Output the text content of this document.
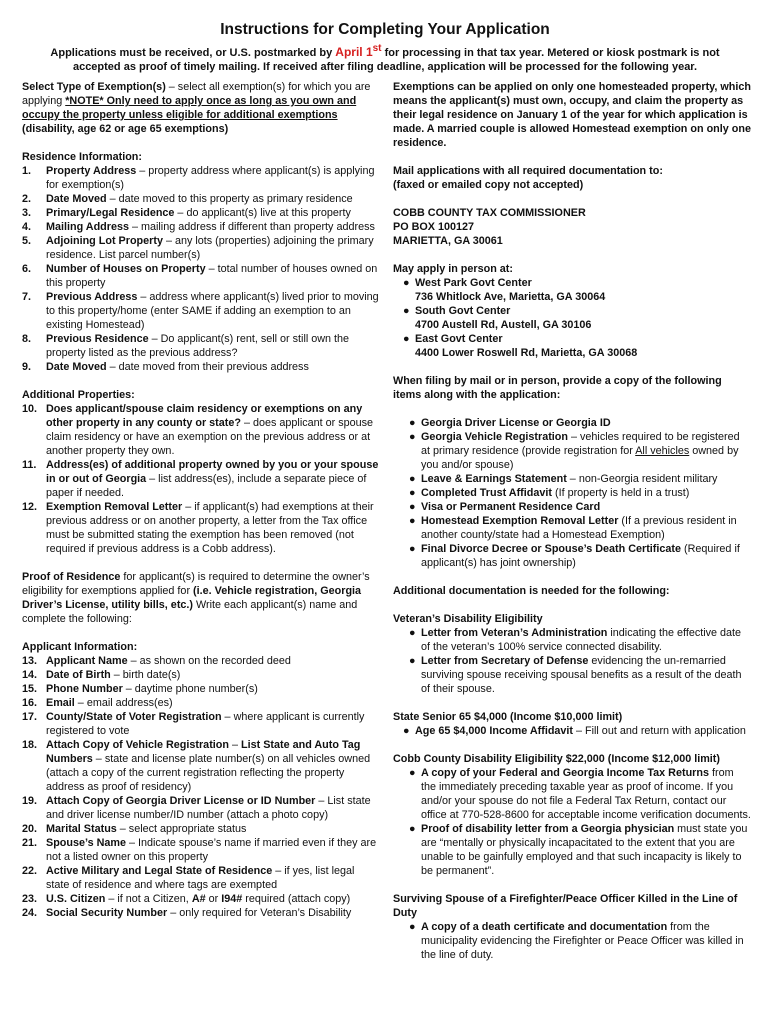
Instructions for Completing Your Application

Applications must be received, or U.S. postmarked by April 1st for processing in that tax year. Metered or kiosk postmark is not accepted as proof of timely mailing. If received after filing deadline, application will be processed for the following year.

Select Type of Exemption(s) – select all exemption(s) for which you are applying *NOTE* Only need to apply once as long as you own and occupy the property unless eligible for additional exemptions (disability, age 62 or age 65 exemptions)

Residence Information:

1. Property Address – property address where applicant(s) is applying for exemption(s)
2. Date Moved – date moved to this property as primary residence
3. Primary/Legal Residence – do applicant(s) live at this property
4. Mailing Address – mailing address if different than property address
5. Adjoining Lot Property – any lots (properties) adjoining the primary residence. List parcel number(s)
6. Number of Houses on Property – total number of houses owned on this property
7. Previous Address – address where applicant(s) lived prior to moving to this property/home (enter SAME if adding an exemption to an existing Homestead)
8. Previous Residence – Do applicant(s) rent, sell or still own the property listed as the previous address?
9. Date Moved – date moved from their previous address

Additional Properties:

10. Does applicant/spouse claim residency or exemptions on any other property in any county or state? – does applicant or spouse claim residency or have an exemption on the previous address or at another property they own.
11. Address(es) of additional property owned by you or your spouse in or out of Georgia – list address(es), include a separate piece of paper if needed.
12. Exemption Removal Letter – if applicant(s) had exemptions at their previous address or on another property, a letter from the Tax office must be submitted stating the exemption has been removed (not required if previous address is a Cobb address).

Proof of Residence for applicant(s) is required to determine the owner’s eligibility for exemptions applied for (i.e. Vehicle registration, Georgia Driver’s License, utility bills, etc.) Write each applicant(s) name and complete the following:

Applicant Information:

13. Applicant Name – as shown on the recorded deed
14. Date of Birth – birth date(s)
15. Phone Number – daytime phone number(s)
16. Email – email address(es)
17. County/State of Voter Registration – where applicant is currently registered to vote
18. Attach Copy of Vehicle Registration – List State and Auto Tag Numbers – state and license plate number(s) on all vehicles owned (attach a copy of the current registration reflecting the property address as proof of residency)
19. Attach Copy of Georgia Driver License or ID Number – List state and driver license number/ID number (attach a photo copy)
20. Marital Status – select appropriate status
21. Spouse’s Name – Indicate spouse’s name if married even if they are not a listed owner on this property
22. Active Military and Legal State of Residence – if yes, list legal state of residence and where tags are exempted
23. U.S. Citizen – if not a Citizen, A# or I94# required (attach copy)
24. Social Security Number – only required for Veteran’s Disability

Exemptions can be applied on only one homesteaded property, which means the applicant(s) must own, occupy, and claim the property as their legal residence on January 1 of the year for which application is made. A married couple is allowed Homestead exemption on only one residence.

Mail applications with all required documentation to:

(faxed or emailed copy not accepted)

COBB COUNTY TAX COMMISSIONER

PO BOX 100127

MARIETTA, GA 30061

May apply in person at:

● West Park Govt Center
736 Whitlock Ave, Marietta, GA 30064
● South Govt Center
4700 Austell Rd, Austell, GA 30106
● East Govt Center
4400 Lower Roswell Rd, Marietta, GA 30068

When filing by mail or in person, provide a copy of the following items along with the application:

● Georgia Driver License or Georgia ID
● Georgia Vehicle Registration – vehicles required to be registered at primary residence (provide registration for All vehicles owned by you and/or spouse)
● Leave & Earnings Statement – non-Georgia resident military
● Completed Trust Affidavit (If property is held in a trust)
● Visa or Permanent Residence Card
● Homestead Exemption Removal Letter (If a previous resident in another county/state had a Homestead Exemption)
● Final Divorce Decree or Spouse’s Death Certificate (Required if applicant(s) has joint ownership)

Additional documentation is needed for the following:

Veteran’s Disability Eligibility

● Letter from Veteran’s Administration indicating the effective date of the veteran’s 100% service connected disability.
● Letter from Secretary of Defense evidencing the un-remarried surviving spouse receiving spousal benefits as a result of the death of their spouse.

State Senior 65 $4,000 (Income $10,000 limit)

● Age 65 $4,000 Income Affidavit – Fill out and return with application

Cobb County Disability Eligibility $22,000 (Income $12,000 limit)

● A copy of your Federal and Georgia Income Tax Returns from the immediately preceding taxable year as proof of income. If you and/or your spouse do not file a Federal Tax Return, contact our office at 770-528-8600 for acceptable income verification documents.
● Proof of disability letter from a Georgia physician must state you are “mentally or physically incapacitated to the extent that you are unable to be gainfully employed and that such incapacity is likely to be permanent”.

Surviving Spouse of a Firefighter/Peace Officer Killed in the Line of Duty

● A copy of a death certificate and documentation from the municipality evidencing the Firefighter or Peace Officer was killed in the line of duty.
